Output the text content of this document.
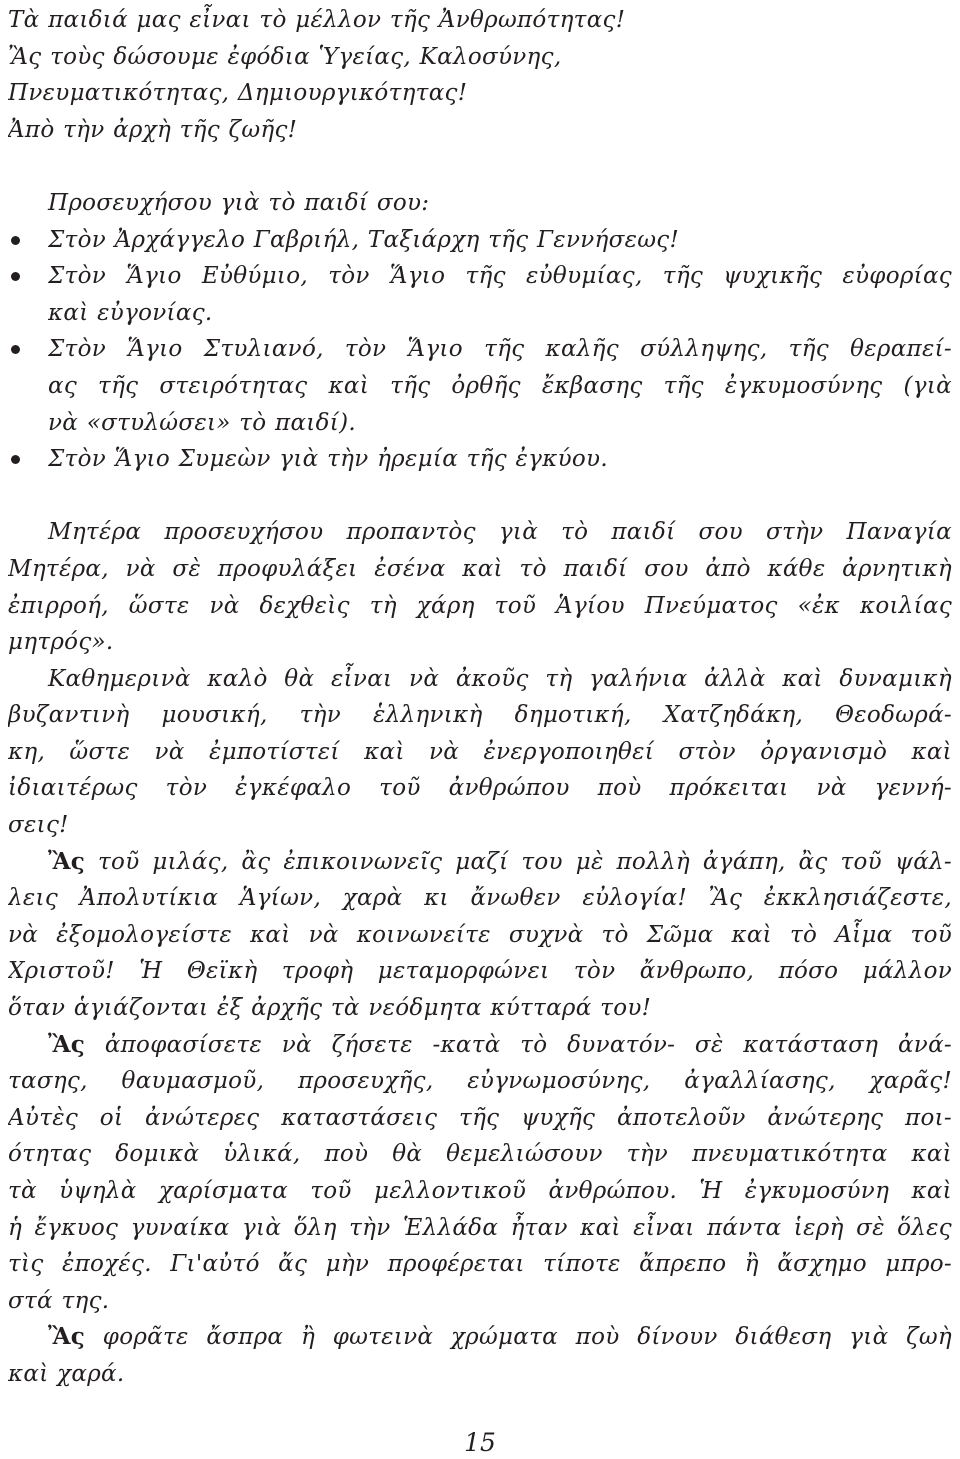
Τὰ παιδιά μας εἶναι τὸ μέλλον τῆς Ἀνθρωπότητας!
Ἂς τοὺς δώσουμε ἐφόδια Ὑγείας, Καλοσύνης,
Πνευματικότητας, Δημιουργικότητας!
Ἀπὸ τὴν ἀρχὴ τῆς ζωῆς!
Προσευχήσου γιὰ τὸ παιδί σου:
Στὸν Ἀρχάγγελο Γαβριήλ, Ταξιάρχη τῆς Γεννήσεως!
Στὸν Ἅγιο Εὐθύμιο, τὸν Ἅγιο τῆς εὐθυμίας, τῆς ψυχικῆς εὐφορίας
καὶ εὐγονίας.
Στὸν Ἅγιο Στυλιανό, τὸν Ἅγιο τῆς καλῆς σύλληψης, τῆς θεραπεί-
ας τῆς στειρότητας καὶ τῆς ὀρθῆς ἔκβασης τῆς ἐγκυμοσύνης (γιὰ
νὰ «στυλώσει» τὸ παιδί).
Στὸν Ἅγιο Συμεὼν γιὰ τὴν ἠρεμία τῆς ἐγκύου.
Μητέρα προσευχήσου προπαντὸς γιὰ τὸ παιδί σου στὴν Παναγία
Μητέρα, νὰ σὲ προφυλάξει ἐσένα καὶ τὸ παιδί σου ἀπὸ κάθε ἀρνητικὴ
ἐπιρροή, ὥστε νὰ δεχθεὶς τὴ χάρη τοῦ Ἁγίου Πνεύματος «ἐκ κοιλίας
μητρός».
Καθημερινὰ καλὸ θὰ εἶναι νὰ ἀκοῦς τὴ γαλήνια ἀλλὰ καὶ δυναμικὴ
βυζαντινὴ μουσική, τὴν ἑλληνικὴ δημοτική, Χατζηδάκη, Θεοδωρά-
κη, ὥστε νὰ ἐμποτίστεί καὶ νὰ ἐνεργοποιηθεί στὸν ὀργανισμὸ καὶ
ἰδιαιτέρως τὸν ἐγκέφαλο τοῦ ἀνθρώπου ποὺ πρόκειται νὰ γεννή-
σεις!
Ἂς τοῦ μιλάς, ἂς ἐπικοινωνεῖς μαζί του μὲ πολλὴ ἀγάπη, ἂς τοῦ ψάλ-
λεις Ἀπολυτίκια Ἁγίων, χαρὰ κι ἄνωθεν εὐλογία! Ἂς ἐκκλησιάζεστε,
νὰ ἐξομολογείστε καὶ νὰ κοινωνείτε συχνὰ τὸ Σῶμα καὶ τὸ Αἷμα τοῦ
Χριστοῦ! Ἡ Θεϊκὴ τροφὴ μεταμορφώνει τὸν ἄνθρωπο, πόσο μάλλον
ὅταν ἁγιάζονται ἐξ ἀρχῆς τὰ νεόδμητα κύτταρά του!
Ἂς ἀποφασίσετε νὰ ζήσετε -κατὰ τὸ δυνατόν- σὲ κατάσταση ἀνά-
τασης, θαυμασμοῦ, προσευχῆς, εὐγνωμοσύνης, ἀγαλλίασης, χαρᾶς!
Αὐτὲς οἱ ἀνώτερες καταστάσεις τῆς ψυχῆς ἀποτελοῦν ἀνώτερης ποι-
ότητας δομικὰ ὑλικά, ποὺ θὰ θεμελιώσουν τὴν πνευματικότητα καὶ
τὰ ὑψηλὰ χαρίσματα τοῦ μελλοντικοῦ ἀνθρώπου. Ἡ ἐγκυμοσύνη καὶ
ἡ ἔγκυος γυναίκα γιὰ ὅλη τὴν Ἑλλάδα ἦταν καὶ εἶναι πάντα ἱερὴ σὲ ὅλες
τὶς ἐποχές. Γι'αὐτό ἄς μὴν προφέρεται τίποτε ἄπρεπο ἢ ἄσχημο μπρο-
στά της.
Ἂς φορᾶτε ἄσπρα ἢ φωτεινὰ χρώματα ποὺ δίνουν διάθεση γιὰ ζωὴ
καὶ χαρά.
15
